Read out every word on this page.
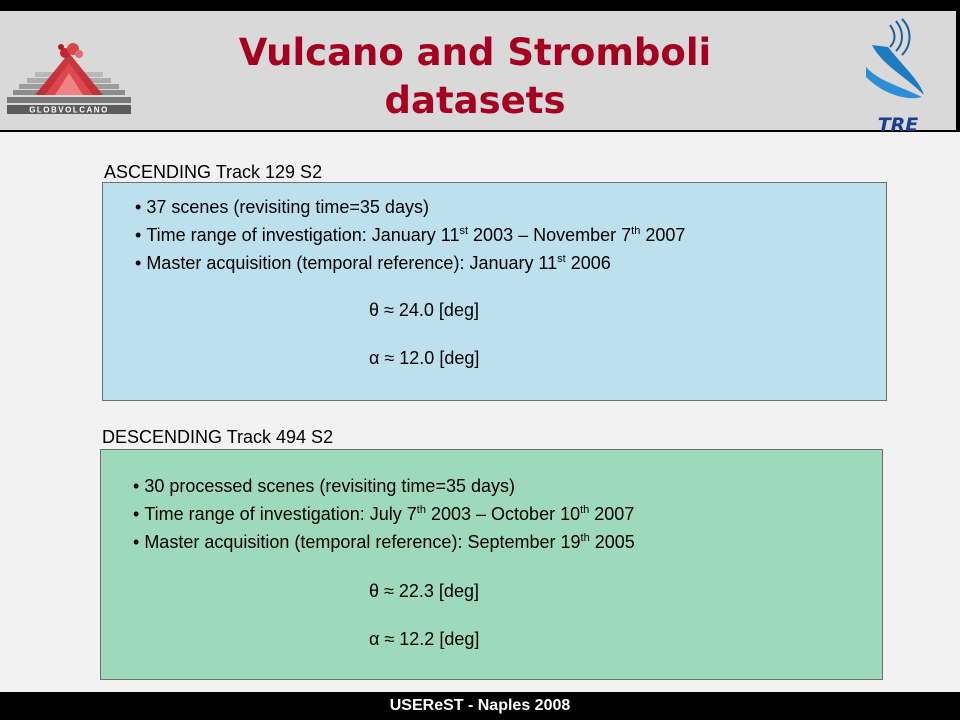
GLOBVOLCANO
Vulcano and Stromboli
datasets
TRE
ASCENDING Track 129 S2
• 37 scenes (revisiting time=35 days)
• Time range of investigation: January 11st 2003 – November 7th 2007
• Master acquisition (temporal reference): January 11st 2006
θ ≈ 24.0 [deg]
α ≈ 12.0 [deg]
DESCENDING Track 494 S2
• 30 processed scenes (revisiting time=35 days)
• Time range of investigation: July 7th 2003 – October 10th 2007
• Master acquisition (temporal reference): September 19th 2005
θ ≈ 22.3 [deg]
α ≈ 12.2 [deg]
USEReST - Naples 2008
